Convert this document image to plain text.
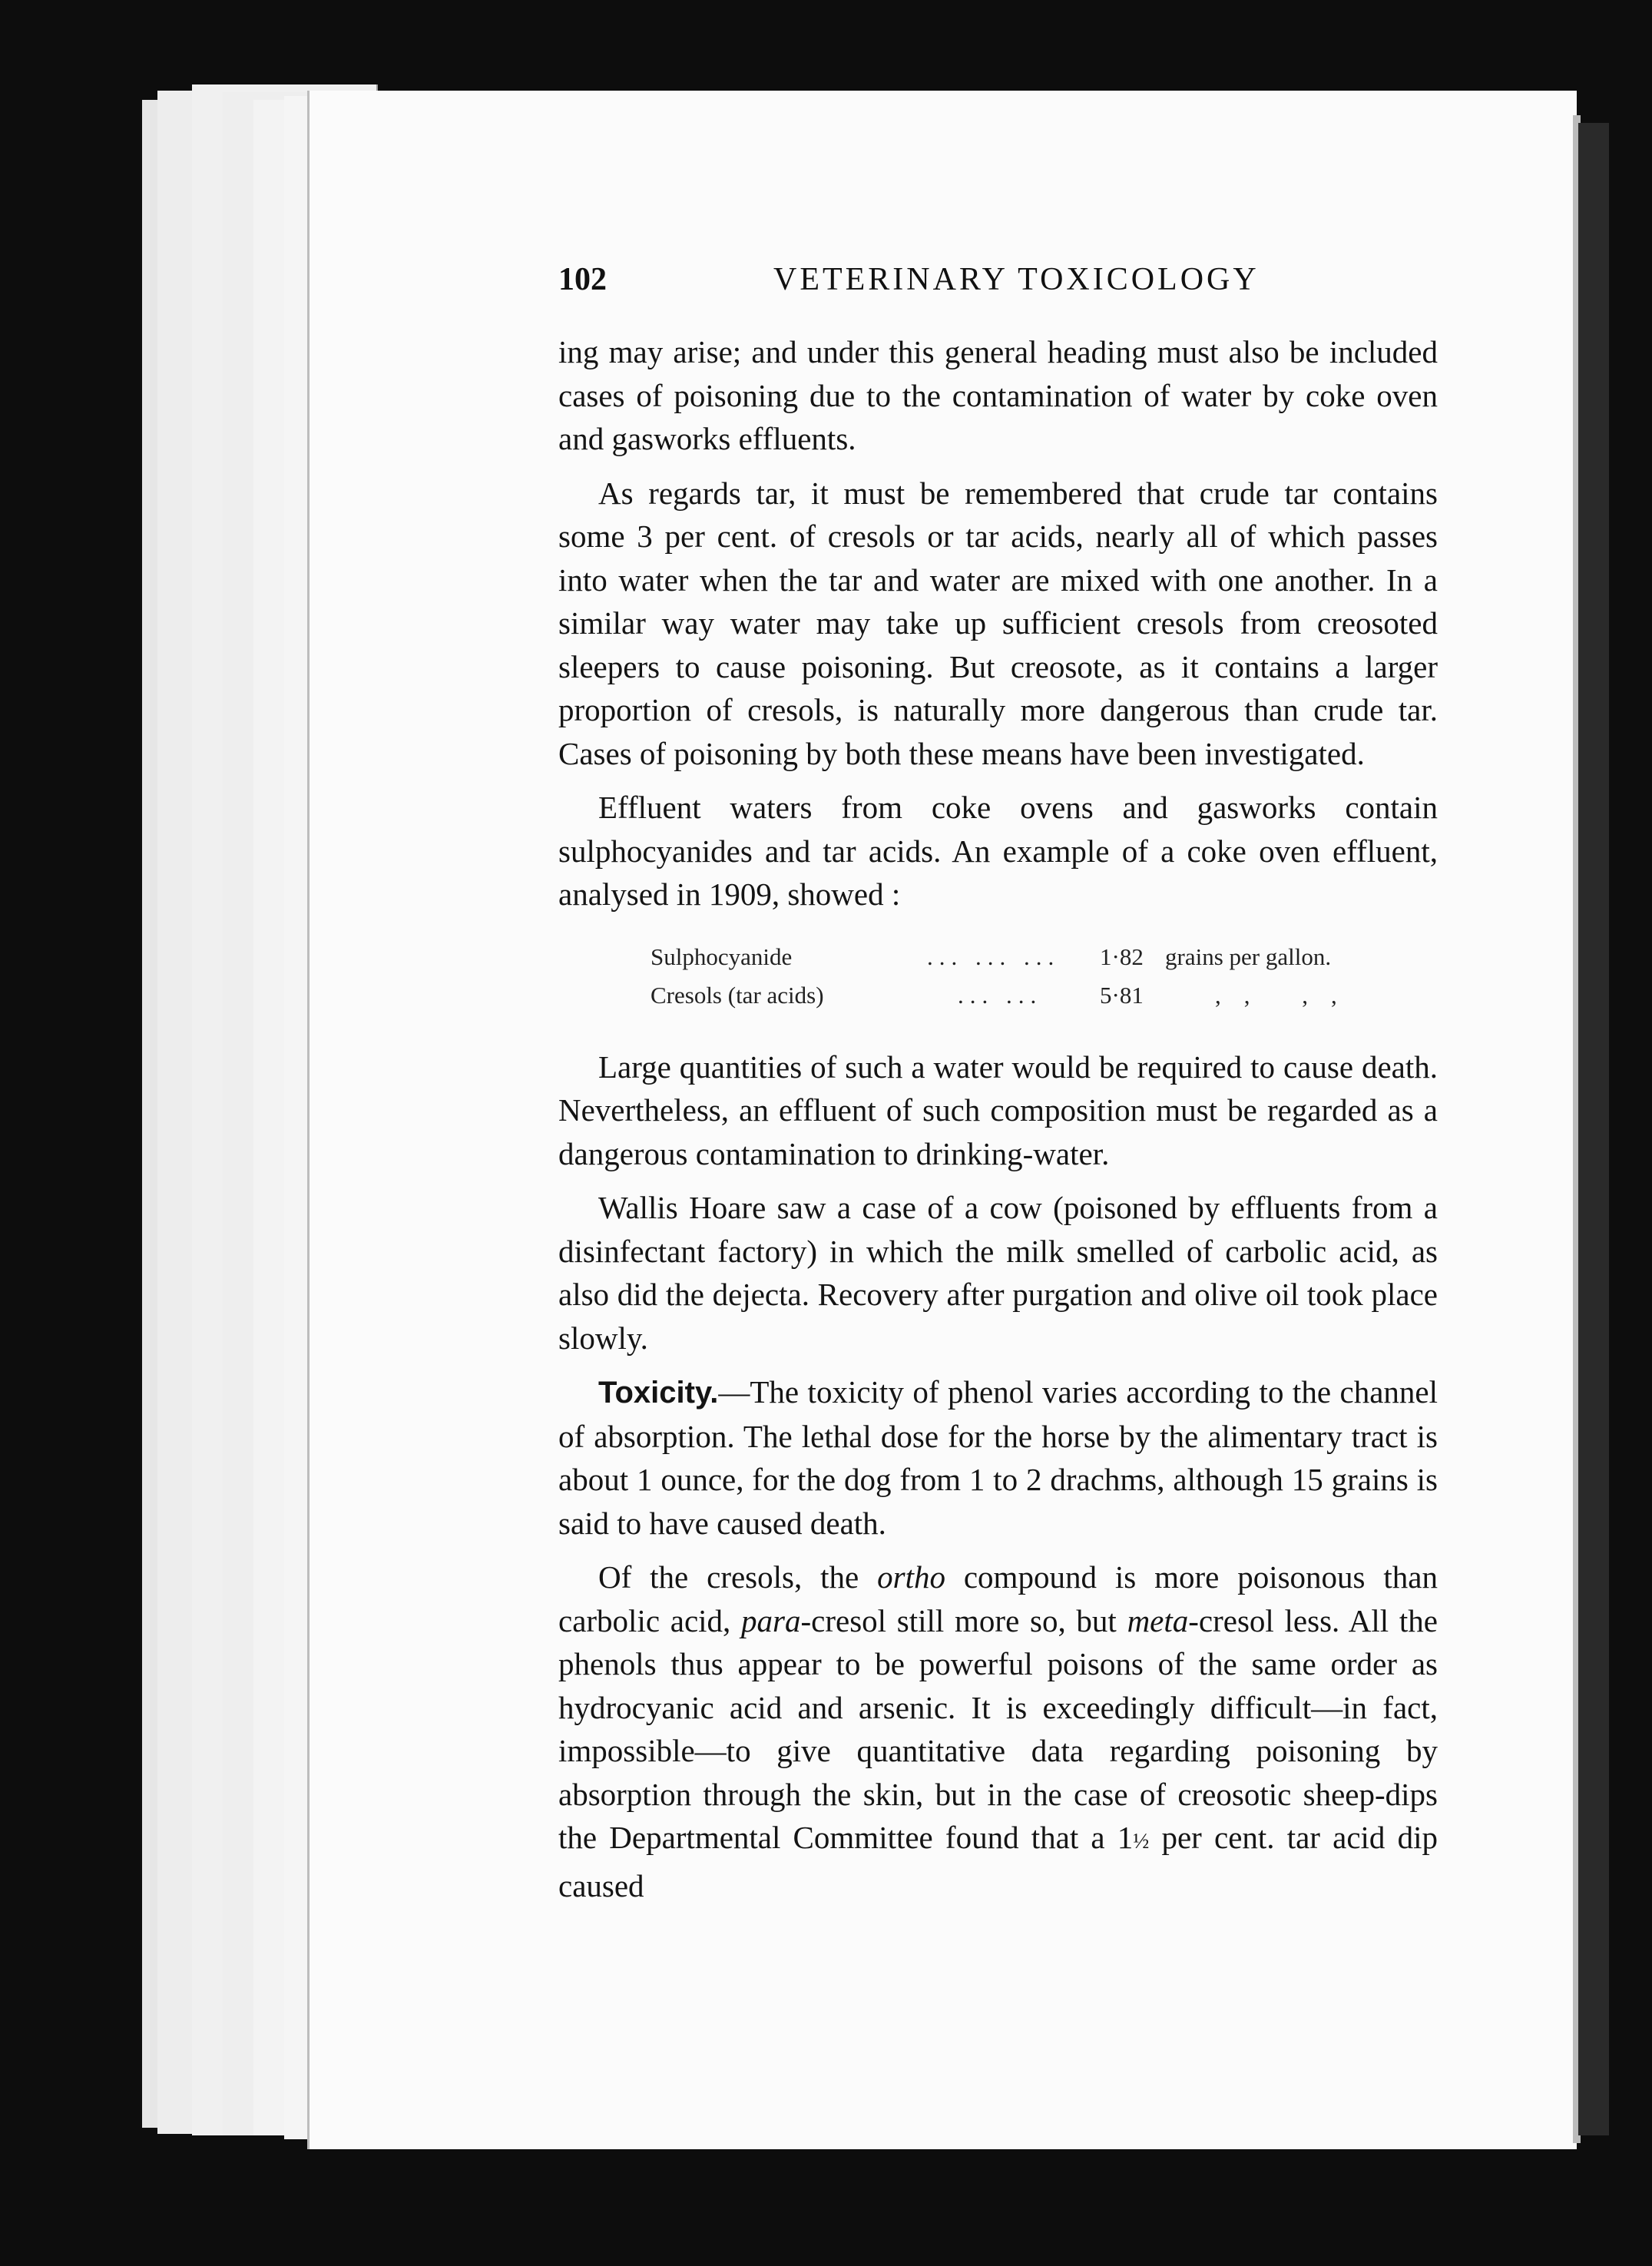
102	VETERINARY TOXICOLOGY

ing may arise; and under this general heading must also be included cases of poisoning due to the contamination of water by coke oven and gasworks effluents.

As regards tar, it must be remembered that crude tar contains some 3 per cent. of cresols or tar acids, nearly all of which passes into water when the tar and water are mixed with one another. In a similar way water may take up sufficient cresols from creosoted sleepers to cause poisoning. But creosote, as it contains a larger proportion of cresols, is naturally more dangerous than crude tar. Cases of poisoning by both these means have been investigated.

Effluent waters from coke ovens and gasworks contain sulphocyanides and tar acids. An example of a coke oven effluent, analysed in 1909, showed :

Sulphocyanide	... ... ... 1·82 grains per gallon.
Cresols (tar acids)	... ... 5·81	,, ,,

Large quantities of such a water would be required to cause death. Nevertheless, an effluent of such composition must be regarded as a dangerous contamination to drinking-water.

Wallis Hoare saw a case of a cow (poisoned by effluents from a disinfectant factory) in which the milk smelled of carbolic acid, as also did the dejecta. Recovery after purgation and olive oil took place slowly.

Toxicity.—The toxicity of phenol varies according to the channel of absorption. The lethal dose for the horse by the alimentary tract is about 1 ounce, for the dog from 1 to 2 drachms, although 15 grains is said to have caused death.

Of the cresols, the ortho compound is more poisonous than carbolic acid, para-cresol still more so, but meta-cresol less. All the phenols thus appear to be powerful poisons of the same order as hydrocyanic acid and arsenic. It is exceedingly difficult—in fact, impossible—to give quantitative data regarding poisoning by absorption through the skin, but in the case of creosotic sheep-dips the Departmental Committee found that a 1½ per cent. tar acid dip caused
